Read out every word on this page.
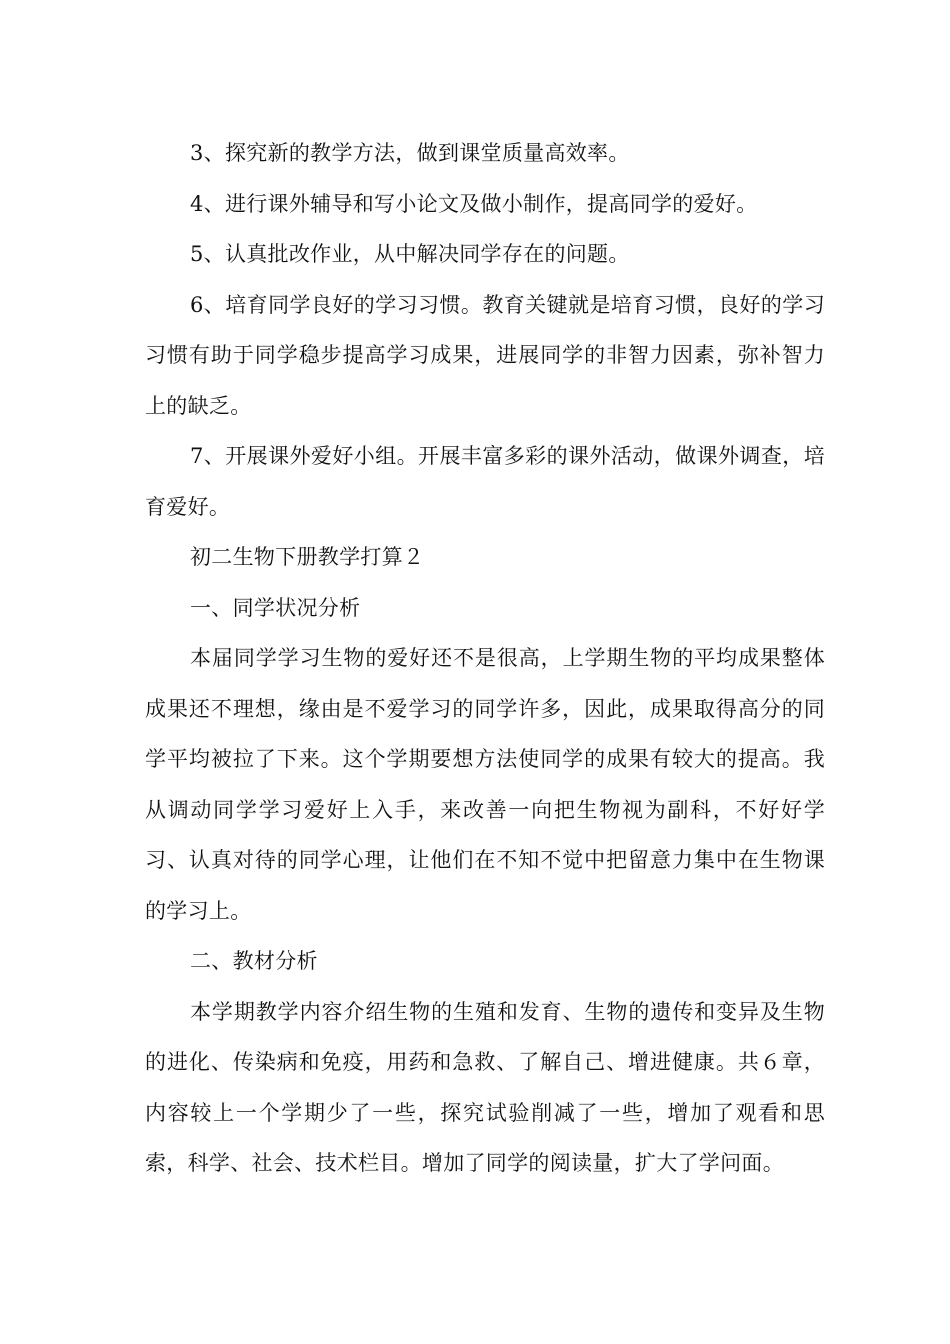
3、探究新的教学方法，做到课堂质量高效率。

4、进行课外辅导和写小论文及做小制作，提高同学的爱好。

5、认真批改作业，从中解决同学存在的问题。

6、培育同学良好的学习习惯。教育关键就是培育习惯，良好的学习习惯有助于同学稳步提高学习成果，进展同学的非智力因素，弥补智力上的缺乏。

7、开展课外爱好小组。开展丰富多彩的课外活动，做课外调查，培育爱好。

初二生物下册教学打算２

一、同学状况分析

本届同学学习生物的爱好还不是很高，上学期生物的平均成果整体成果还不理想，缘由是不爱学习的同学许多，因此，成果取得高分的同学平均被拉了下来。这个学期要想方法使同学的成果有较大的提高。我从调动同学学习爱好上入手，来改善一向把生物视为副科，不好好学习、认真对待的同学心理，让他们在不知不觉中把留意力集中在生物课的学习上。

二、教材分析

本学期教学内容介绍生物的生殖和发育、生物的遗传和变异及生物的进化、传染病和免疫，用药和急救、了解自己、增进健康。共６章，内容较上一个学期少了一些，探究试验削减了一些，增加了观看和思索，科学、社会、技术栏目。增加了同学的阅读量，扩大了学问面。
